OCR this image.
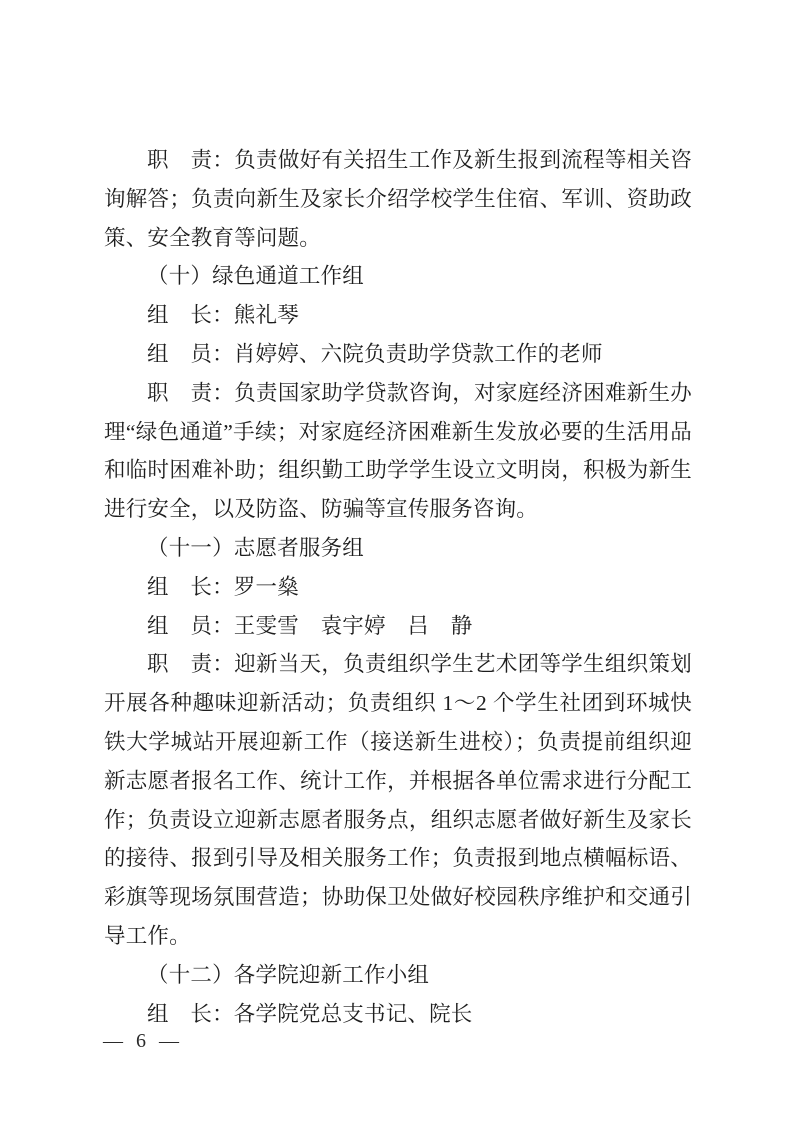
职　责：负责做好有关招生工作及新生报到流程等相关咨询解答；负责向新生及家长介绍学校学生住宿、军训、资助政策、安全教育等问题。

（十）绿色通道工作组

组　长：熊礼琴

组　员：肖婷婷、六院负责助学贷款工作的老师

职　责：负责国家助学贷款咨询，对家庭经济困难新生办理“绿色通道”手续；对家庭经济困难新生发放必要的生活用品和临时困难补助；组织勤工助学学生设立文明岗，积极为新生进行安全，以及防盗、防骗等宣传服务咨询。

（十一）志愿者服务组

组　长：罗一燊

组　员：王雯雪　袁宇婷　吕　静

职　责：迎新当天，负责组织学生艺术团等学生组织策划开展各种趣味迎新活动；负责组织 1～2 个学生社团到环城快铁大学城站开展迎新工作（接送新生进校）；负责提前组织迎新志愿者报名工作、统计工作，并根据各单位需求进行分配工作；负责设立迎新志愿者服务点，组织志愿者做好新生及家长的接待、报到引导及相关服务工作；负责报到地点横幅标语、彩旗等现场氛围营造；协助保卫处做好校园秩序维护和交通引导工作。

（十二）各学院迎新工作小组

组　长：各学院党总支书记、院长

— 6 —
